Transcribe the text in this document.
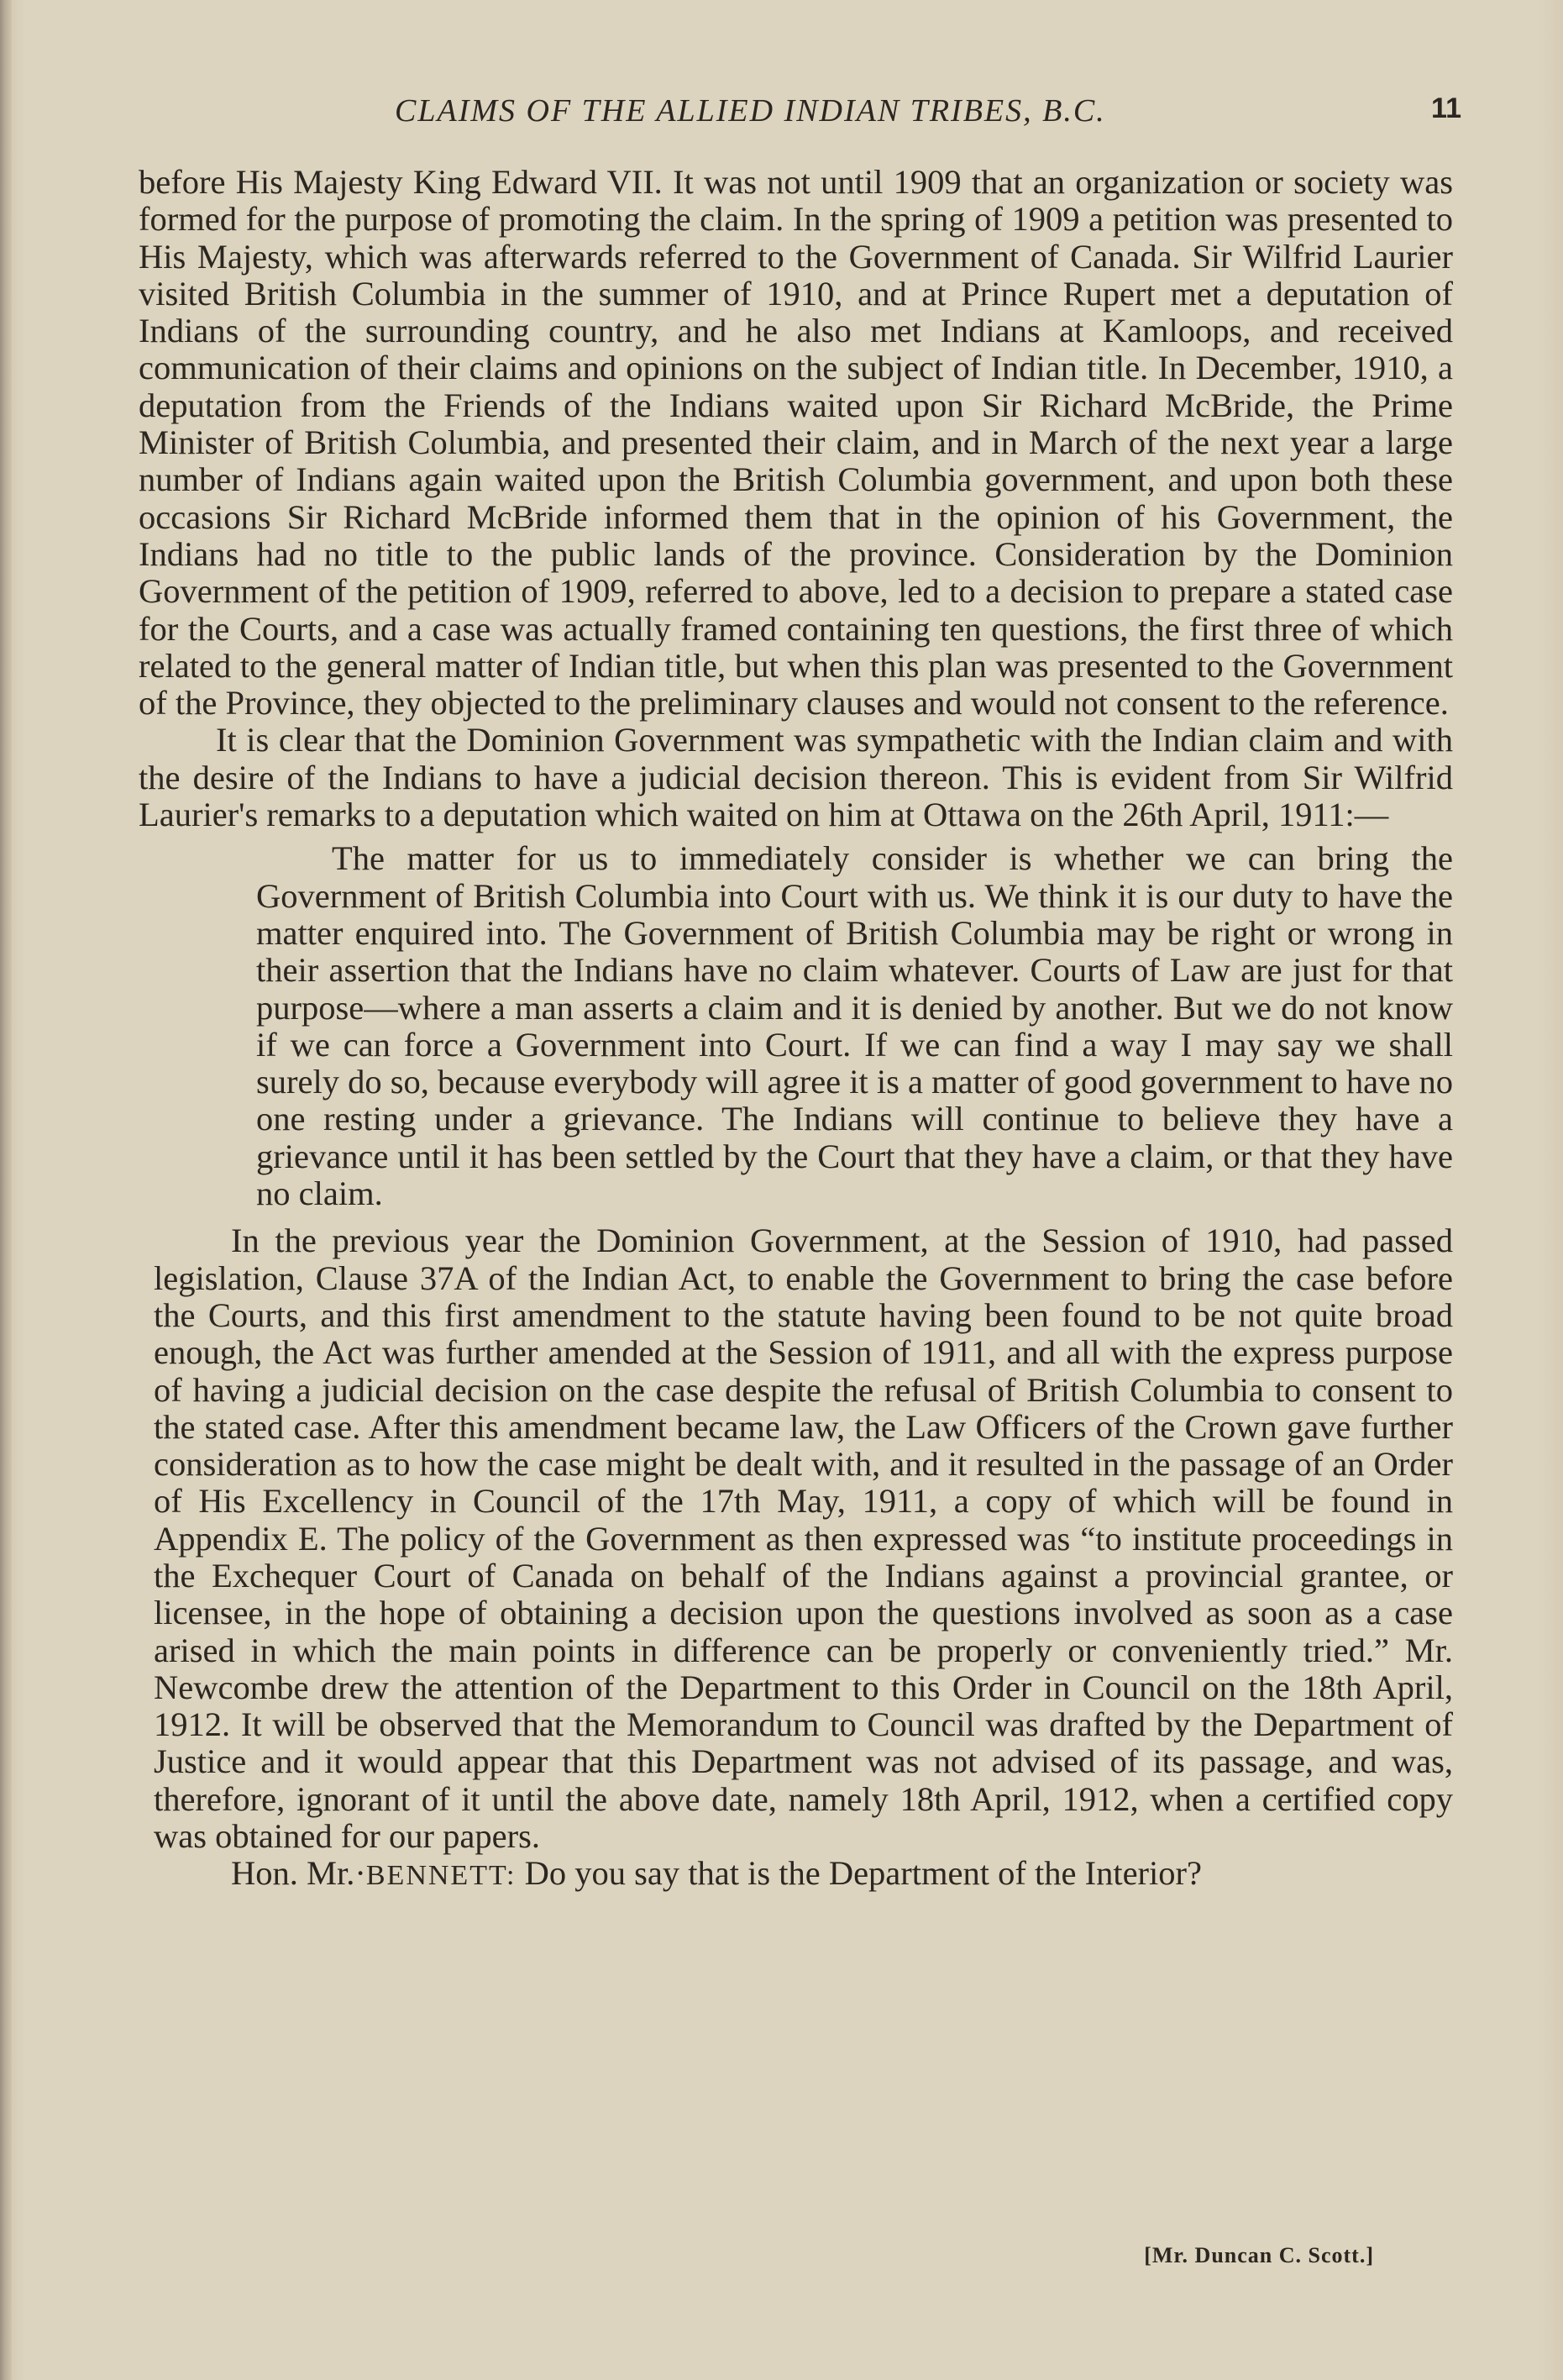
CLAIMS OF THE ALLIED INDIAN TRIBES, B.C.	11

before His Majesty King Edward VII. It was not until 1909 that an organization or society was formed for the purpose of promoting the claim. In the spring of 1909 a petition was presented to His Majesty, which was afterwards referred to the Government of Canada. Sir Wilfrid Laurier visited British Columbia in the summer of 1910, and at Prince Rupert met a deputation of Indians of the surrounding country, and he also met Indians at Kamloops, and received communication of their claims and opinions on the subject of Indian title. In December, 1910, a deputation from the Friends of the Indians waited upon Sir Richard McBride, the Prime Minister of British Columbia, and presented their claim, and in March of the next year a large number of Indians again waited upon the British Columbia government, and upon both these occasions Sir Richard McBride informed them that in the opinion of his Government, the Indians had no title to the public lands of the province. Consideration by the Dominion Government of the petition of 1909, referred to above, led to a decision to prepare a stated case for the Courts, and a case was actually framed containing ten questions, the first three of which related to the general matter of Indian title, but when this plan was presented to the Government of the Province, they objected to the preliminary clauses and would not consent to the reference.

It is clear that the Dominion Government was sympathetic with the Indian claim and with the desire of the Indians to have a judicial decision thereon. This is evident from Sir Wilfrid Laurier's remarks to a deputation which waited on him at Ottawa on the 26th April, 1911:—

The matter for us to immediately consider is whether we can bring the Government of British Columbia into Court with us. We think it is our duty to have the matter enquired into. The Government of British Columbia may be right or wrong in their assertion that the Indians have no claim whatever. Courts of Law are just for that purpose—where a man asserts a claim and it is denied by another. But we do not know if we can force a Government into Court. If we can find a way I may say we shall surely do so, because everybody will agree it is a matter of good government to have no one resting under a grievance. The Indians will continue to believe they have a grievance until it has been settled by the Court that they have a claim, or that they have no claim.

In the previous year the Dominion Government, at the Session of 1910, had passed legislation, Clause 37A of the Indian Act, to enable the Government to bring the case before the Courts, and this first amendment to the statute having been found to be not quite broad enough, the Act was further amended at the Session of 1911, and all with the express purpose of having a judicial decision on the case despite the refusal of British Columbia to consent to the stated case. After this amendment became law, the Law Officers of the Crown gave further consideration as to how the case might be dealt with, and it resulted in the passage of an Order of His Excellency in Council of the 17th May, 1911, a copy of which will be found in Appendix E. The policy of the Government as then expressed was “to institute proceedings in the Exchequer Court of Canada on behalf of the Indians against a provincial grantee, or licensee, in the hope of obtaining a decision upon the questions involved as soon as a case arised in which the main points in difference can be properly or conveniently tried.” Mr. Newcombe drew the attention of the Department to this Order in Council on the 18th April, 1912. It will be observed that the Memorandum to Council was drafted by the Department of Justice and it would appear that this Department was not advised of its passage, and was, therefore, ignorant of it until the above date, namely 18th April, 1912, when a certified copy was obtained for our papers.

Hon. Mr.·BENNETT: Do you say that is the Department of the Interior?

[Mr. Duncan C. Scott.]
